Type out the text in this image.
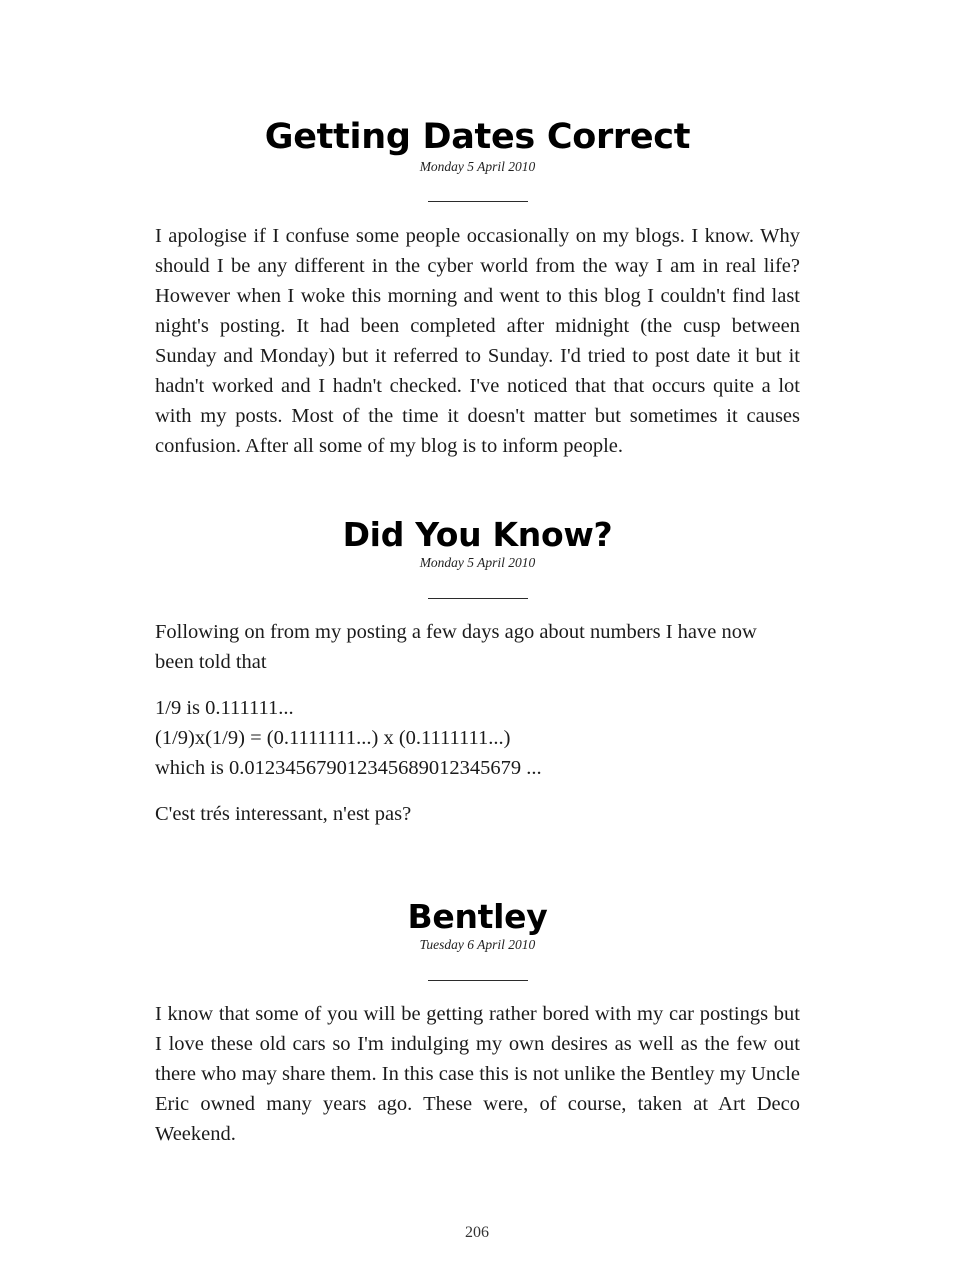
Getting Dates Correct
Monday 5 April 2010

I apologise if I confuse some people occasionally on my blogs. I know. Why should I be any different in the cyber world from the way I am in real life? However when I woke this morning and went to this blog I couldn't find last night's posting. It had been completed after midnight (the cusp between Sunday and Monday) but it referred to Sunday. I'd tried to post date it but it hadn't worked and I hadn't checked. I've noticed that that occurs quite a lot with my posts. Most of the time it doesn't matter but sometimes it causes confusion. After all some of my blog is to inform people.

Did You Know?
Monday 5 April 2010

Following on from my posting a few days ago about numbers I have now been told that

1/9 is 0.111111...
(1/9)x(1/9) = (0.1111111...) x (0.1111111...)
which is 0.012345679012345689012345679 ...

C'est trés interessant, n'est pas?

Bentley
Tuesday 6 April 2010

I know that some of you will be getting rather bored with my car postings but I love these old cars so I'm indulging my own desires as well as the few out there who may share them. In this case this is not unlike the Bentley my Uncle Eric owned many years ago. These were, of course, taken at Art Deco Weekend.

206
